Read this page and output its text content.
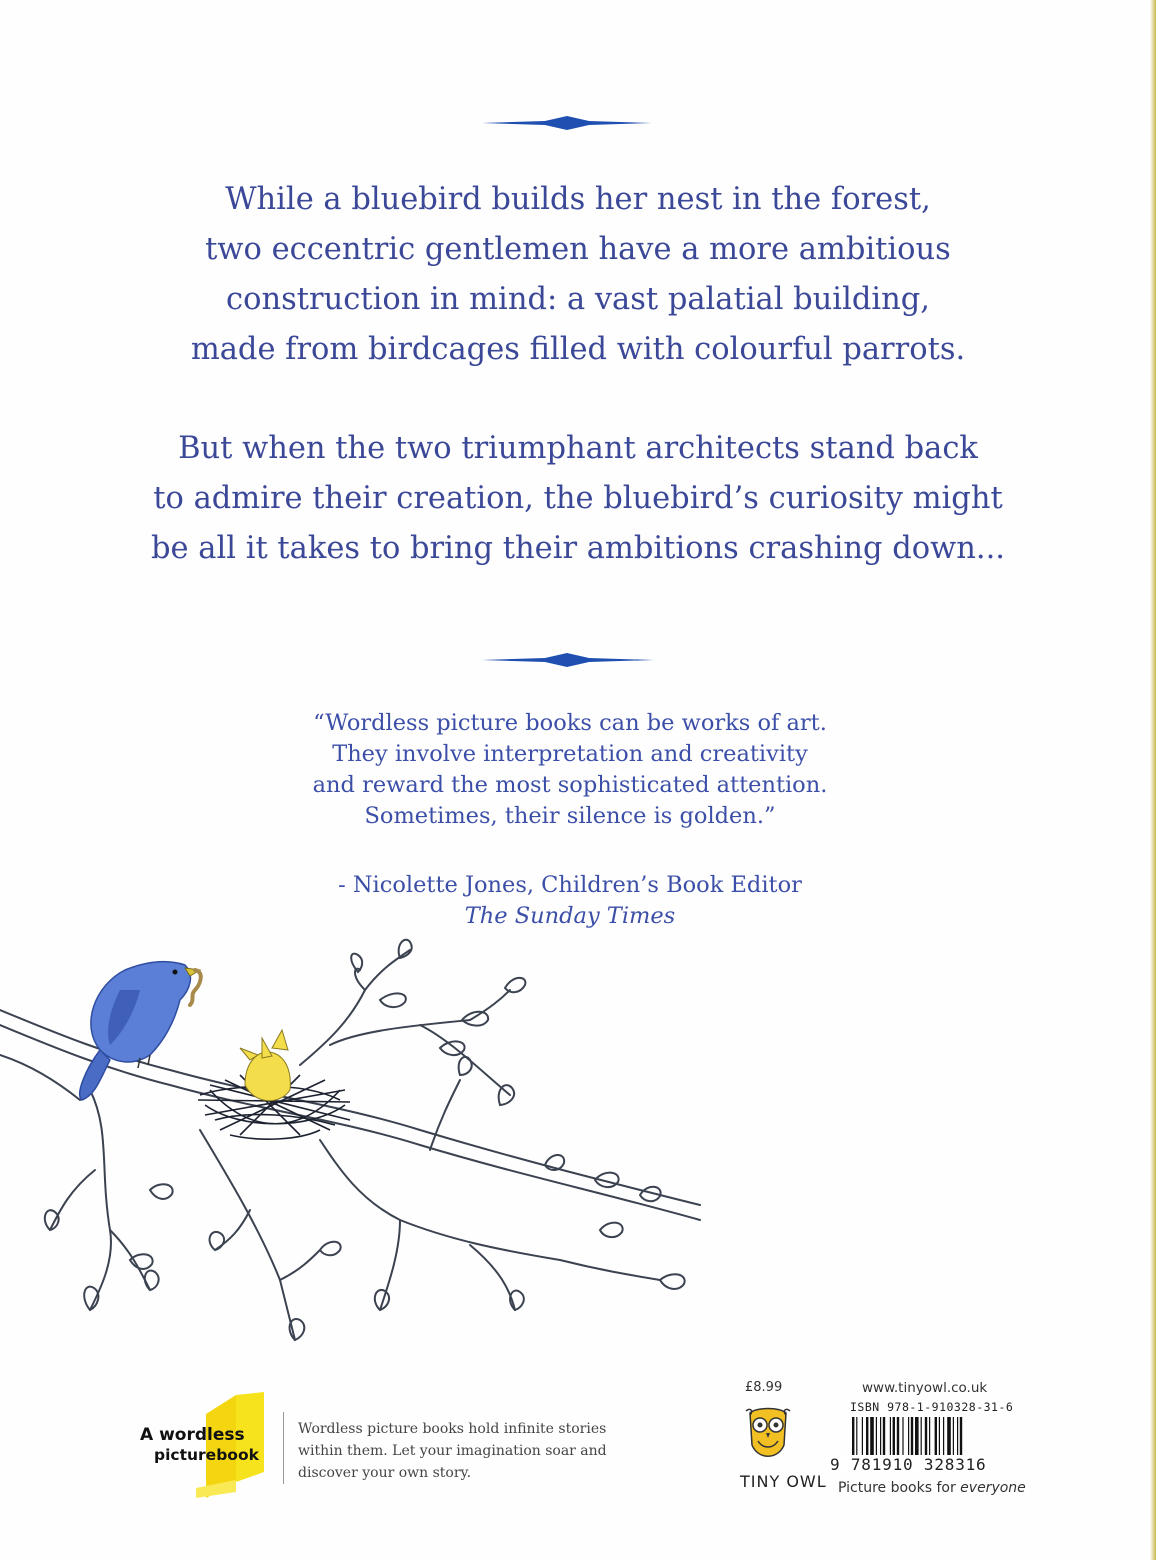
While a bluebird builds her nest in the forest,

two eccentric gentlemen have a more ambitious

construction in mind: a vast palatial building,

made from birdcages filled with colourful parrots.

But when the two triumphant architects stand back

to admire their creation, the bluebird’s curiosity might

be all it takes to bring their ambitions crashing down...

“Wordless picture books can be works of art.

They involve interpretation and creativity

and reward the most sophisticated attention.

Sometimes, their silence is golden.”

- Nicolette Jones, Children’s Book Editor
The Sunday Times
A wordless
picturebook

Wordless picture books hold infinite stories

within them. Let your imagination soar and

discover your own story.

£8.99
TINY OWL
www.tinyowl.co.uk
ISBN 978-1-910328-31-6
9 781910 328316
Picture books for everyone
